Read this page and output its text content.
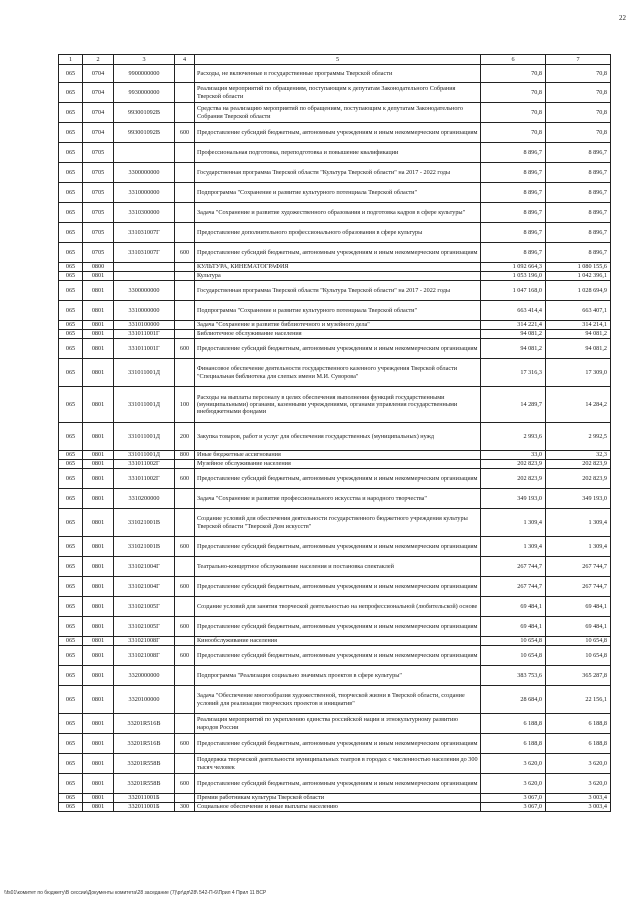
22
1	2	3	4	5	6	7
065	0704	9900000000		Расходы, не включенные в государственные программы Тверской области	70,8	70,8
065	0704	9930000000		Реализация мероприятий по обращениям, поступающим к депутатам Законодательного Собрания Тверской области	70,8	70,8
065	0704	993001092В		Средства на реализацию мероприятий по обращениям, поступающим к депутатам Законодательного Собрания Тверской области	70,8	70,8
065	0704	993001092В	600	Предоставление субсидий бюджетным, автономным учреждениям и иным некоммерческим организациям	70,8	70,8
065	0705			Профессиональная подготовка, переподготовка и повышение квалификации	8 896,7	8 896,7
065	0705	3300000000		Государственная программа Тверской области "Культура Тверской области" на 2017 - 2022 годы	8 896,7	8 896,7
065	0705	3310000000		Подпрограмма "Сохранение и развитие культурного потенциала Тверской области"	8 896,7	8 896,7
065	0705	3310300000		Задача "Сохранение и развитие художественного образования и подготовка кадров в сфере культуры"	8 896,7	8 896,7
065	0705	331031007Г		Предоставление дополнительного профессионального образования в сфере культуры	8 896,7	8 896,7
065	0705	331031007Г	600	Предоставление субсидий бюджетным, автономным учреждениям и иным некоммерческим организациям	8 896,7	8 896,7
065	0800			КУЛЬТУРА, КИНЕМАТОГРАФИЯ	1 092 664,3	1 080 155,6
065	0801			Культура	1 053 196,0	1 042 396,1
065	0801	3300000000		Государственная программа Тверской области "Культура Тверской области" на 2017 - 2022 годы	1 047 168,0	1 028 694,9
065	0801	3310000000		Подпрограмма "Сохранение и развитие культурного потенциала Тверской области"	663 414,4	663 407,1
065	0801	3310100000		Задача "Сохранение и развитие библиотечного и музейного дела"	314 221,4	314 214,1
065	0801	331011001Г		Библиотечное обслуживание населения	94 081,2	94 081,2
065	0801	331011001Г	600	Предоставление субсидий бюджетным, автономным учреждениям и иным некоммерческим организациям	94 081,2	94 081,2
065	0801	331011001Д		Финансовое обеспечение деятельности государственного казенного учреждения Тверской области "Специальная библиотека для слепых имени М.И. Суворова"	17 316,3	17 309,0
065	0801	331011001Д	100	Расходы на выплаты персоналу в целях обеспечения выполнения функций государственными (муниципальными) органами, казенными учреждениями, органами управления государственными внебюджетными фондами	14 289,7	14 284,2
065	0801	331011001Д	200	Закупка товаров, работ и услуг для обеспечения государственных (муниципальных) нужд	2 993,6	2 992,5
065	0801	331011001Д	800	Иные бюджетные ассигнования	33,0	32,3
065	0801	331011002Г		Музейное обслуживание населения	202 823,9	202 823,9
065	0801	331011002Г	600	Предоставление субсидий бюджетным, автономным учреждениям и иным некоммерческим организациям	202 823,9	202 823,9
065	0801	3310200000		Задача "Сохранение и развитие профессионального искусства и народного творчества"	349 193,0	349 193,0
065	0801	331021001В		Создание условий для обеспечения деятельности государственного бюджетного учреждения культуры Тверской области "Тверской Дом искусств"	1 309,4	1 309,4
065	0801	331021001В	600	Предоставление субсидий бюджетным, автономным учреждениям и иным некоммерческим организациям	1 309,4	1 309,4
065	0801	331021004Г		Театрально-концертное обслуживание населения и постановка спектаклей	267 744,7	267 744,7
065	0801	331021004Г	600	Предоставление субсидий бюджетным, автономным учреждениям и иным некоммерческим организациям	267 744,7	267 744,7
065	0801	331021005Г		Создание условий для занятия творческой деятельностью на непрофессиональной (любительской) основе	69 484,1	69 484,1
065	0801	331021005Г	600	Предоставление субсидий бюджетным, автономным учреждениям и иным некоммерческим организациям	69 484,1	69 484,1
065	0801	331021008Г		Кинообслуживание населения	10 654,8	10 654,8
065	0801	331021008Г	600	Предоставление субсидий бюджетным, автономным учреждениям и иным некоммерческим организациям	10 654,8	10 654,8
065	0801	3320000000		Подпрограмма "Реализация социально значимых проектов в сфере культуры"	383 753,6	365 287,8
065	0801	3320100000		Задача "Обеспечение многообразия художественной, творческой жизни в Тверской области, создание условий для реализации творческих проектов и инициатив"	28 684,0	22 156,1
065	0801	33201R516В		Реализация мероприятий по укреплению единства российской нации и этнокультурному развитию народов России	6 188,8	6 188,8
065	0801	33201R516В	600	Предоставление субсидий бюджетным, автономным учреждениям и иным некоммерческим организациям	6 188,8	6 188,8
065	0801	33201R558В		Поддержка творческой деятельности муниципальных театров в городах с численностью населения до 300 тысяч человек	3 620,0	3 620,0
065	0801	33201R558В	600	Предоставление субсидий бюджетным, автономным учреждениям и иным некоммерческим организациям	3 620,0	3 620,0
065	0801	332011001Б		Премии работникам культуры Тверской области	3 067,0	3 003,4
065	0801	332011001Б	300	Социальное обеспечение и иные выплаты населению	3 067,0	3 003,4
\\fs01\комитет по бюджету\В сессии\Документы комитета\28 заседание (7)\рг\дп\28\ 542-П-6\Прил 4 Прил 11 ВСР
